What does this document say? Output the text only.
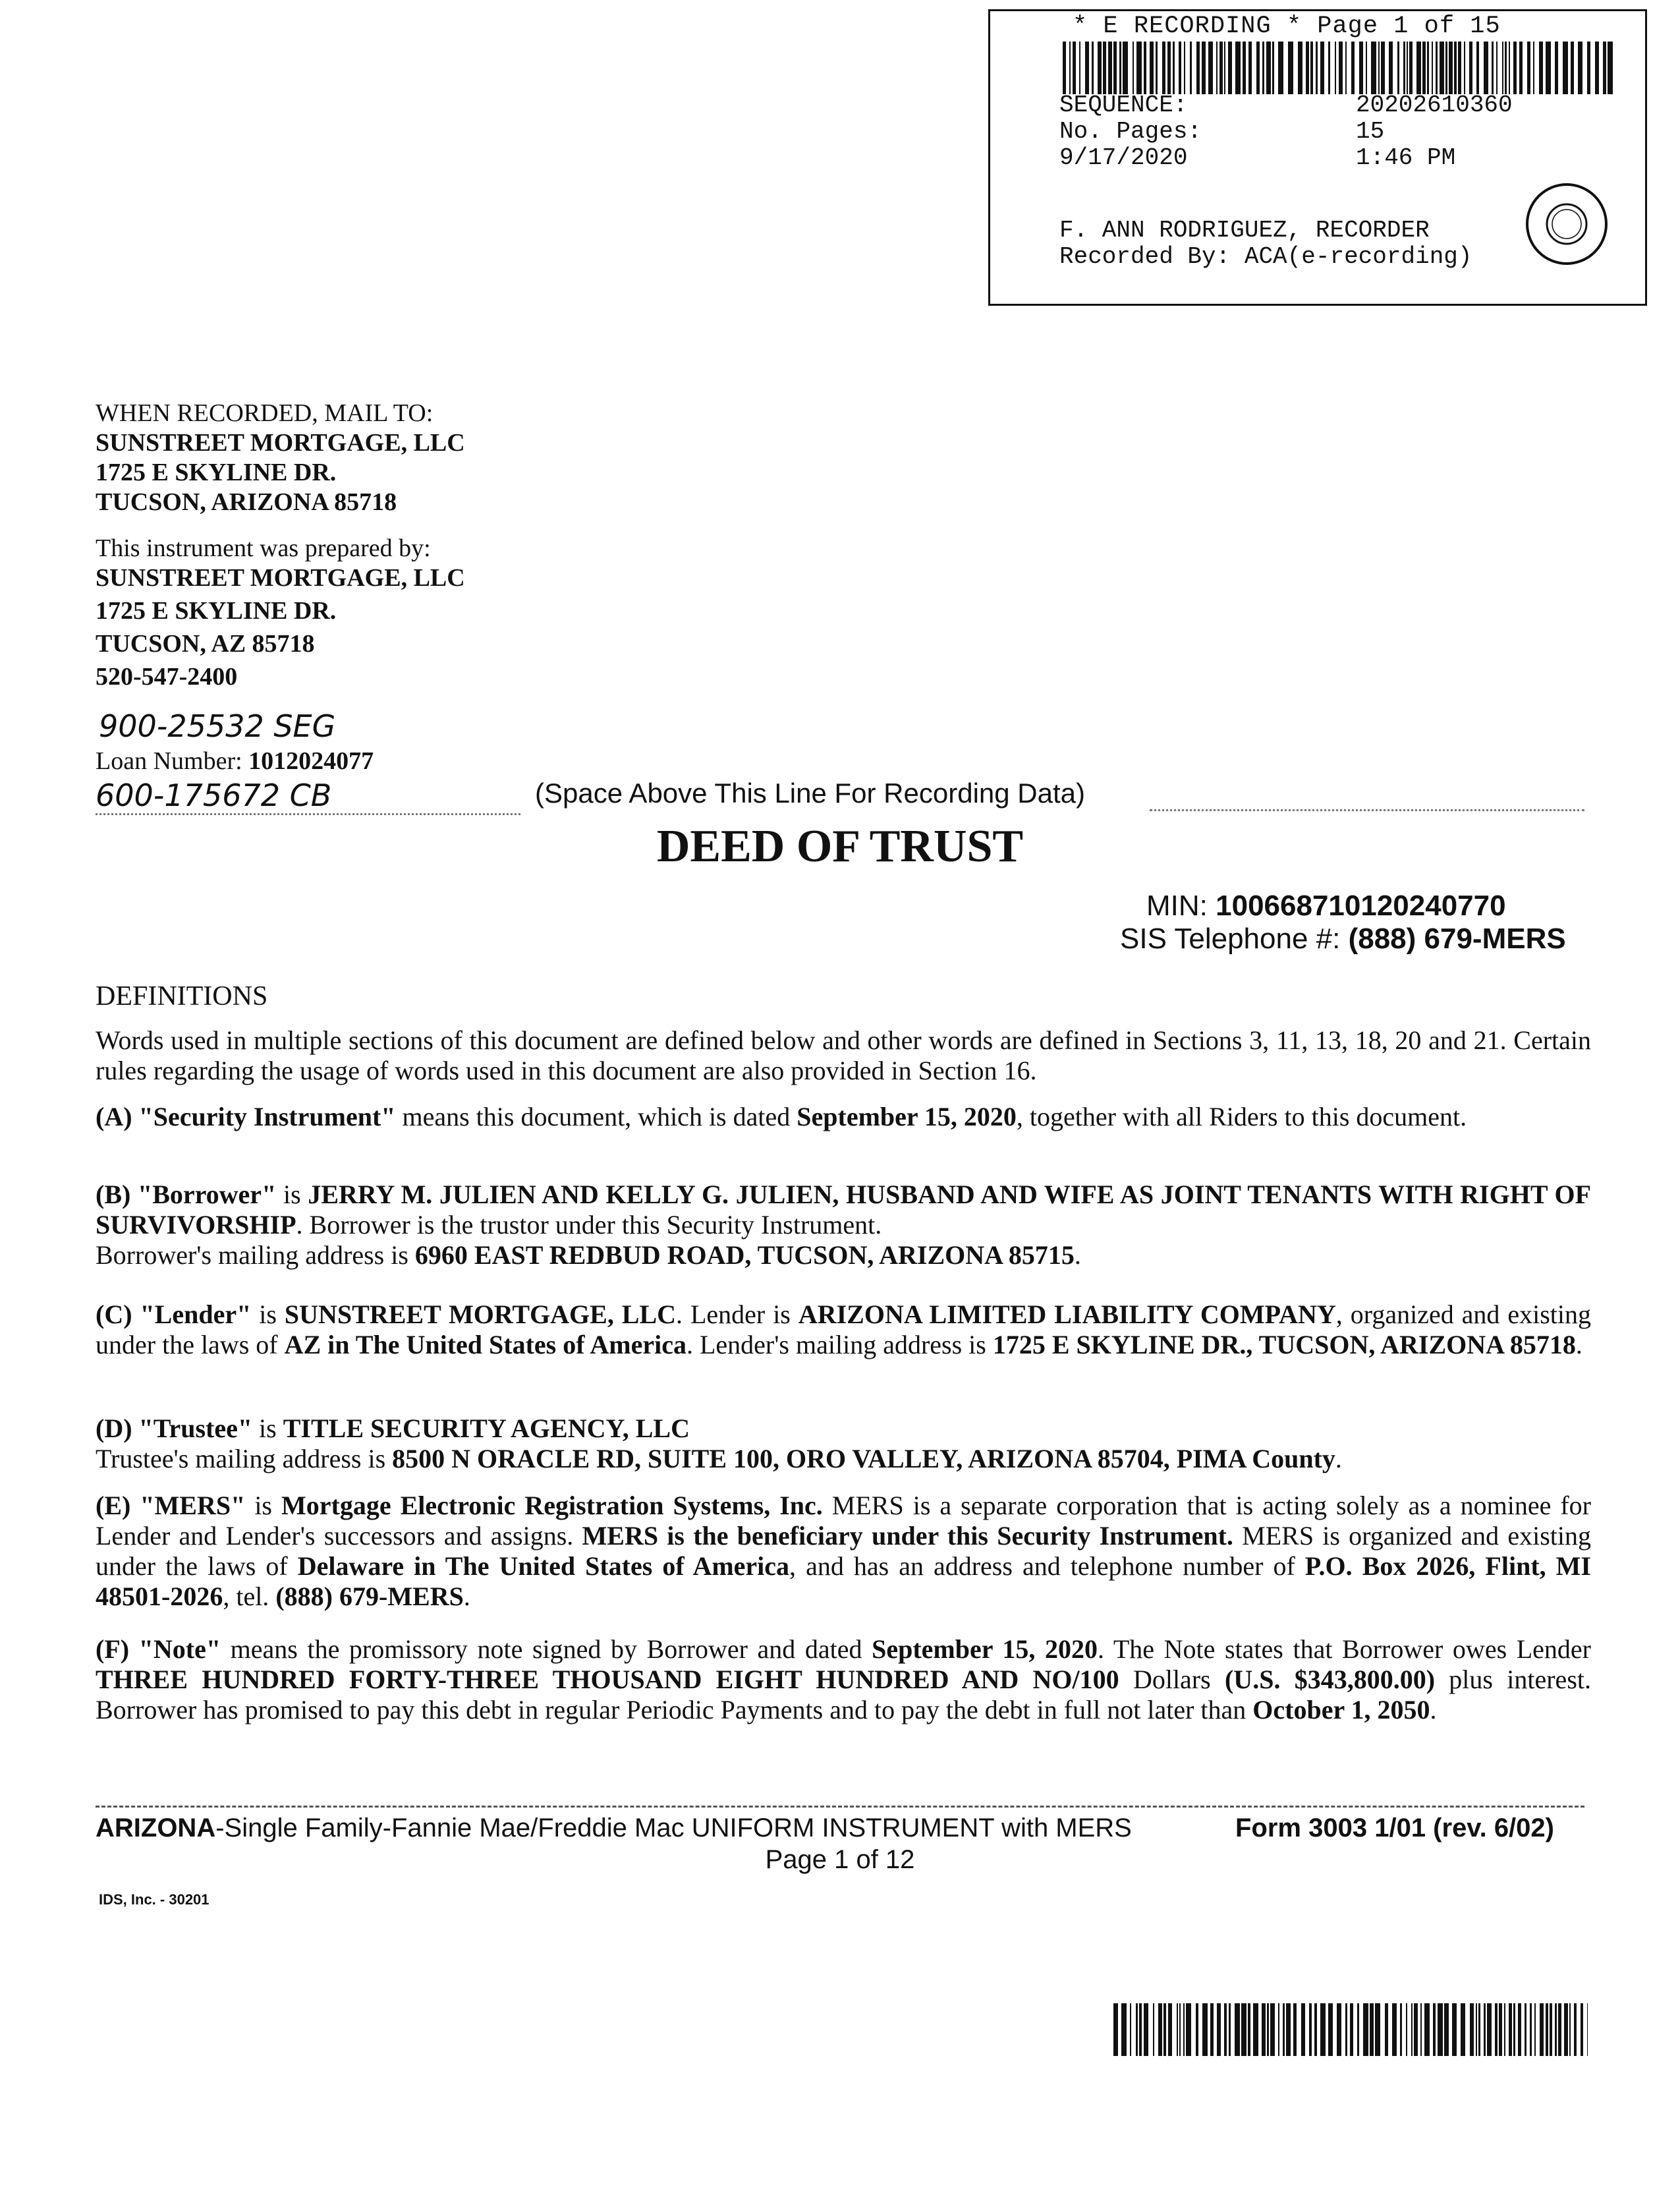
* E RECORDING * Page 1 of 15
SEQUENCE:	20202610360
No. Pages:	15
9/17/2020	1:46 PM
F. ANN RODRIGUEZ, RECORDER
Recorded By: ACA(e-recording)
WHEN RECORDED, MAIL TO:
SUNSTREET MORTGAGE, LLC
1725 E SKYLINE DR.
TUCSON, ARIZONA 85718
This instrument was prepared by:
SUNSTREET MORTGAGE, LLC
1725 E SKYLINE DR.
TUCSON, AZ 85718
520-547-2400
900-25532 SEG
Loan Number: 1012024077
600-175672 CB	(Space Above This Line For Recording Data)
DEED OF TRUST
MIN: 100668710120240770
SIS Telephone #: (888) 679-MERS
DEFINITIONS
Words used in multiple sections of this document are defined below and other words are defined in Sections 3, 11, 13, 18, 20 and 21. Certain rules regarding the usage of words used in this document are also provided in Section 16.
(A) "Security Instrument" means this document, which is dated September 15, 2020, together with all Riders to this document.
(B) "Borrower" is JERRY M. JULIEN AND KELLY G. JULIEN, HUSBAND AND WIFE AS JOINT TENANTS WITH RIGHT OF SURVIVORSHIP. Borrower is the trustor under this Security Instrument.
Borrower's mailing address is 6960 EAST REDBUD ROAD, TUCSON, ARIZONA 85715.
(C) "Lender" is SUNSTREET MORTGAGE, LLC. Lender is ARIZONA LIMITED LIABILITY COMPANY, organized and existing under the laws of AZ in The United States of America. Lender's mailing address is 1725 E SKYLINE DR., TUCSON, ARIZONA 85718.
(D) "Trustee" is TITLE SECURITY AGENCY, LLC
Trustee's mailing address is 8500 N ORACLE RD, SUITE 100, ORO VALLEY, ARIZONA 85704, PIMA County.
(E) "MERS" is Mortgage Electronic Registration Systems, Inc. MERS is a separate corporation that is acting solely as a nominee for Lender and Lender's successors and assigns. MERS is the beneficiary under this Security Instrument. MERS is organized and existing under the laws of Delaware in The United States of America, and has an address and telephone number of P.O. Box 2026, Flint, MI 48501-2026, tel. (888) 679-MERS.
(F) "Note" means the promissory note signed by Borrower and dated September 15, 2020. The Note states that Borrower owes Lender THREE HUNDRED FORTY-THREE THOUSAND EIGHT HUNDRED AND NO/100 Dollars (U.S. $343,800.00) plus interest. Borrower has promised to pay this debt in regular Periodic Payments and to pay the debt in full not later than October 1, 2050.
ARIZONA-Single Family-Fannie Mae/Freddie Mac UNIFORM INSTRUMENT with MERS	Form 3003 1/01 (rev. 6/02)
Page 1 of 12
IDS, Inc. - 30201
